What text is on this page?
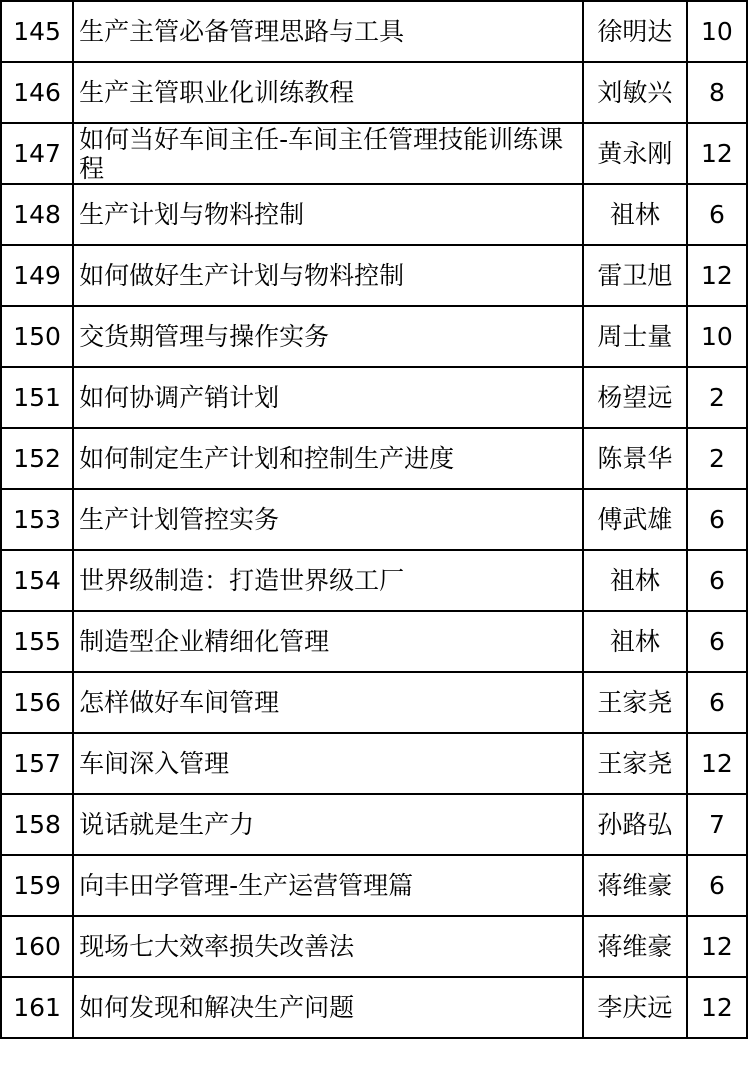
145	生产主管必备管理思路与工具	徐明达	10
146	生产主管职业化训练教程	刘敏兴	8
147	如何当好车间主任-车间主任管理技能训练课程	黄永刚	12
148	生产计划与物料控制	祖林	6
149	如何做好生产计划与物料控制	雷卫旭	12
150	交货期管理与操作实务	周士量	10
151	如何协调产销计划	杨望远	2
152	如何制定生产计划和控制生产进度	陈景华	2
153	生产计划管控实务	傅武雄	6
154	世界级制造：打造世界级工厂	祖林	6
155	制造型企业精细化管理	祖林	6
156	怎样做好车间管理	王家尧	6
157	车间深入管理	王家尧	12
158	说话就是生产力	孙路弘	7
159	向丰田学管理-生产运营管理篇	蒋维豪	6
160	现场七大效率损失改善法	蒋维豪	12
161	如何发现和解决生产问题	李庆远	12
